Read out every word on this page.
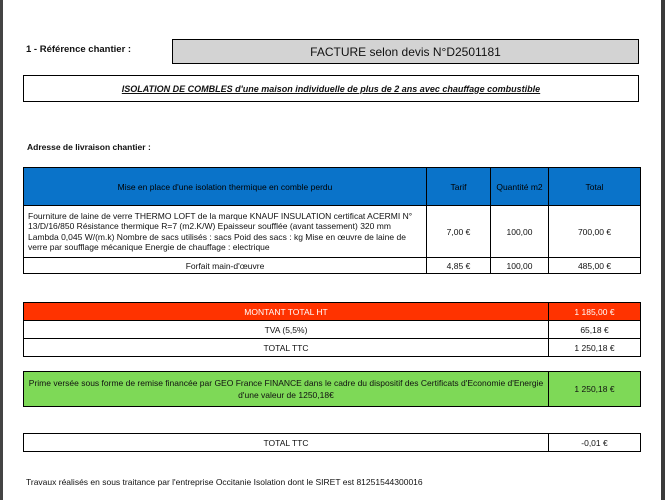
1 - Référence chantier :	FACTURE selon devis N°D2501181
ISOLATION DE COMBLES d'une maison individuelle de plus de 2 ans avec chauffage combustible
Adresse de livraison chantier :
Mise en place d'une isolation thermique en comble perdu	Tarif	Quantité m2	Total
Fourniture de laine de verre THERMO LOFT de la marque KNAUF INSULATION certificat ACERMI N° 13/D/16/850 Résistance thermique R=7 (m2.K/W) Epaisseur soufflée (avant tassement) 320 mm Lambda 0,045 W/(m.k) Nombre de sacs utilisés : sacs Poid des sacs : kg Mise en œuvre de laine de verre par soufflage mécanique Energie de chauffage : electrique	7,00 €	100,00	700,00 €
Forfait main-d'œuvre	4,85 €	100,00	485,00 €
MONTANT TOTAL HT	1 185,00 €
TVA (5,5%)	65,18 €
TOTAL TTC	1 250,18 €
Prime versée sous forme de remise financée par GEO France FINANCE dans le cadre du dispositif des Certificats d'Economie d'Energie d'une valeur de 1250,18€	1 250,18 €
TOTAL TTC	-0,01 €
Travaux réalisés en sous traitance par l'entreprise Occitanie Isolation dont le SIRET est 81251544300016
